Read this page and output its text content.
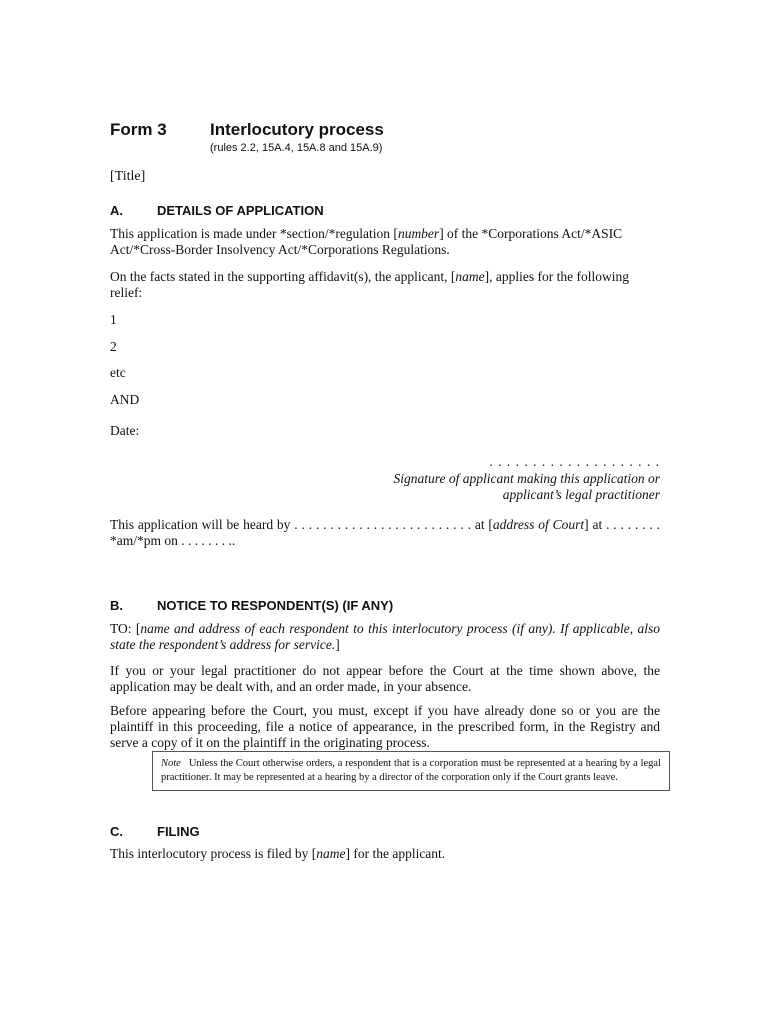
Form 3	Interlocutory process
(rules 2.2, 15A.4, 15A.8 and 15A.9)
[Title]
A.	DETAILS OF APPLICATION
This application is made under *section/*regulation [number] of the *Corporations Act/*ASIC Act/*Cross-Border Insolvency Act/*Corporations Regulations.
On the facts stated in the supporting affidavit(s), the applicant, [name], applies for the following relief:
1
2
etc
AND
Date:
. . . . . . . . . . . . . . . . . . . .
Signature of applicant making this application or applicant’s legal practitioner
This application will be heard by . . . . . . . . . . . . . . . . . . . . . . . . . at [address of Court] at . . . . . . . . *am/*pm on . . . . . . . ..
B.	NOTICE TO RESPONDENT(S) (IF ANY)
TO: [name and address of each respondent to this interlocutory process (if any). If applicable, also state the respondent’s address for service.]
If you or your legal practitioner do not appear before the Court at the time shown above, the application may be dealt with, and an order made, in your absence.
Before appearing before the Court, you must, except if you have already done so or you are the plaintiff in this proceeding, file a notice of appearance, in the prescribed form, in the Registry and serve a copy of it on the plaintiff in the originating process.
Note Unless the Court otherwise orders, a respondent that is a corporation must be represented at a hearing by a legal practitioner. It may be represented at a hearing by a director of the corporation only if the Court grants leave.
C.	FILING
This interlocutory process is filed by [name] for the applicant.
